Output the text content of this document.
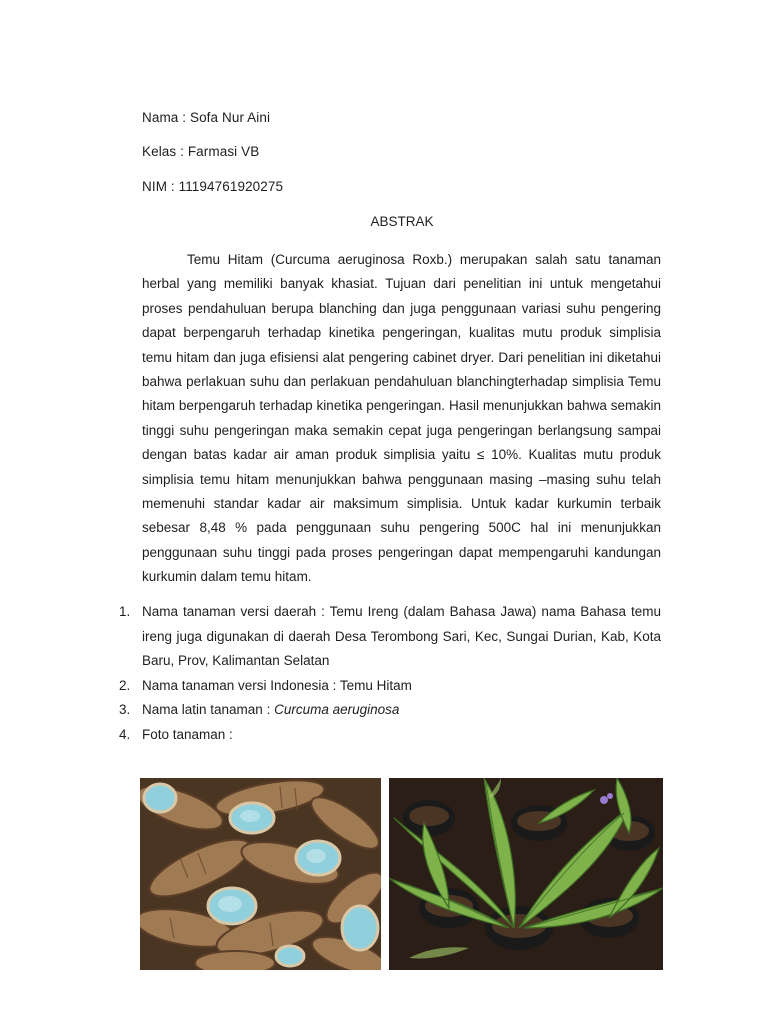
Nama : Sofa Nur Aini
Kelas : Farmasi VB
NIM : 11194761920275
ABSTRAK

Temu Hitam (Curcuma aeruginosa Roxb.) merupakan salah satu tanaman herbal yang memiliki banyak khasiat. Tujuan dari penelitian ini untuk mengetahui proses pendahuluan berupa blanching dan juga penggunaan variasi suhu pengering dapat berpengaruh terhadap kinetika pengeringan, kualitas mutu produk simplisia temu hitam dan juga efisiensi alat pengering cabinet dryer. Dari penelitian ini diketahui bahwa perlakuan suhu dan perlakuan pendahuluan blanchingterhadap simplisia Temu hitam berpengaruh terhadap kinetika pengeringan. Hasil menunjukkan bahwa semakin tinggi suhu pengeringan maka semakin cepat juga pengeringan berlangsung sampai dengan batas kadar air aman produk simplisia yaitu ≤ 10%. Kualitas mutu produk simplisia temu hitam menunjukkan bahwa penggunaan masing –masing suhu telah memenuhi standar kadar air maksimum simplisia. Untuk kadar kurkumin terbaik sebesar 8,48 % pada penggunaan suhu pengering 500C hal ini menunjukkan penggunaan suhu tinggi pada proses pengeringan dapat mempengaruhi kandungan kurkumin dalam temu hitam.

1. Nama tanaman versi daerah : Temu Ireng (dalam Bahasa Jawa) nama Bahasa temu ireng juga digunakan di daerah Desa Terombong Sari, Kec, Sungai Durian, Kab, Kota Baru, Prov, Kalimantan Selatan
2. Nama tanaman versi Indonesia : Temu Hitam
3. Nama latin tanaman : Curcuma aeruginosa
4. Foto tanaman :
